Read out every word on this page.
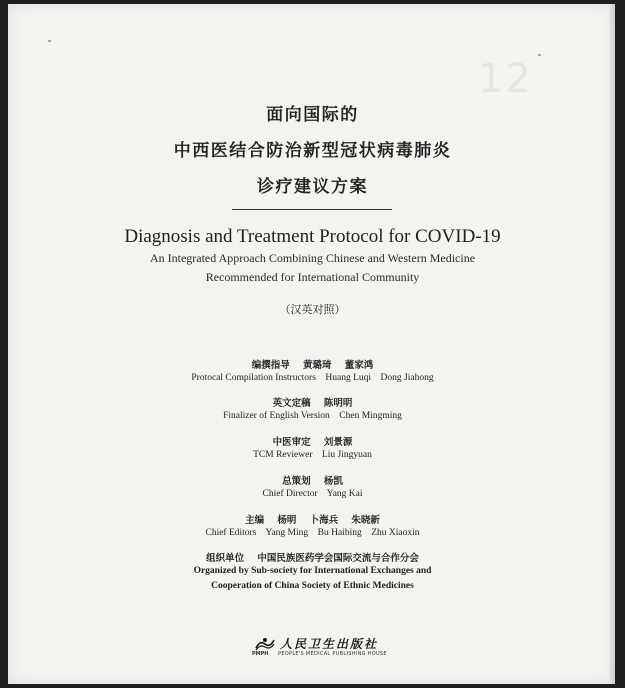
12
面向国际的
中西医结合防治新型冠状病毒肺炎
诊疗建议方案
Diagnosis and Treatment Protocol for COVID-19
An Integrated Approach Combining Chinese and Western Medicine
Recommended for International Community
（汉英对照）
编撰指导    黄璐琦    董家鸿
Protocal Compilation Instructors    Huang Luqi    Dong Jiahong
英文定稿    陈明明
Finalizer of English Version    Chen Mingming
中医审定    刘景源
TCM Reviewer    Liu Jingyuan
总策划    杨凯
Chief Director    Yang Kai
主编    杨明    卜海兵    朱晓新
Chief Editors    Yang Ming    Bu Haibing    Zhu Xiaoxin
组织单位    中国民族医药学会国际交流与合作分会
Organized by Sub-society for International Exchanges and
Cooperation of China Society of Ethnic Medicines
人民卫生出版社
PMPH PEOPLE'S MEDICAL PUBLISHING HOUSE
